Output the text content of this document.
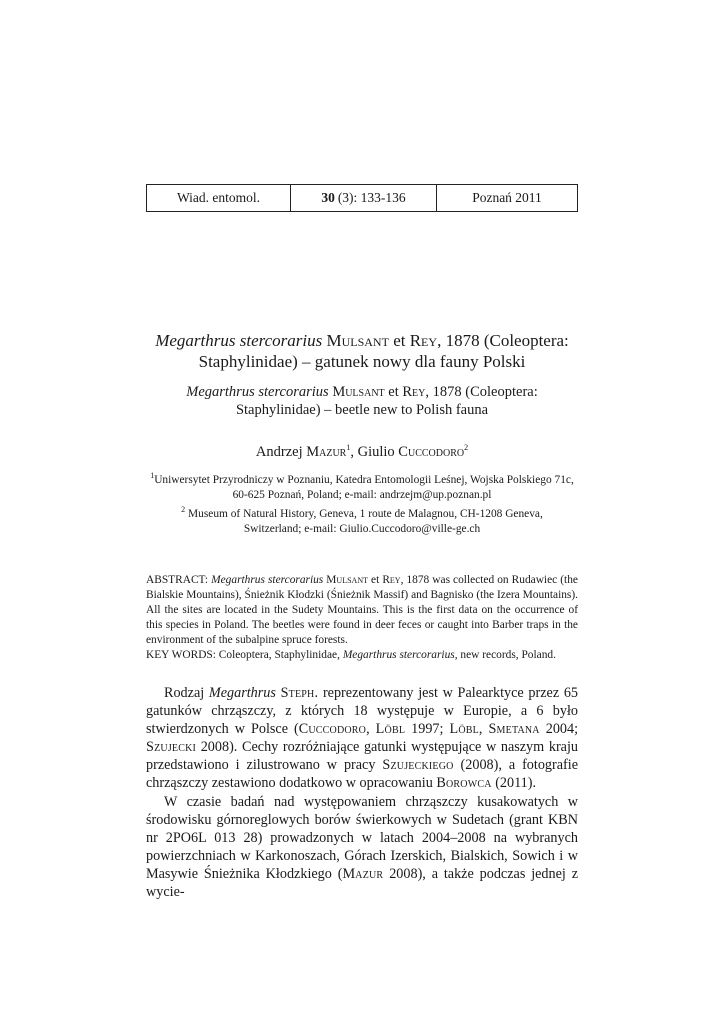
Wiad. entomol.	30 (3): 133-136	Poznań 2011
Megarthrus stercorarius Mulsant et Rey, 1878 (Coleoptera:
Staphylinidae) – gatunek nowy dla fauny Polski
Megarthrus stercorarius Mulsant et Rey, 1878 (Coleoptera:
Staphylinidae) – beetle new to Polish fauna
Andrzej Mazur$^1$, Giulio Cuccodoro$^2$
$^1$Uniwersytet Przyrodniczy w Poznaniu, Katedra Entomologii Leśnej, Wojska Polskiego 71c,
60-625 Poznań, Poland; e-mail: andrzejm@up.poznan.pl
$^2$ Museum of Natural History, Geneva, 1 route de Malagnou, CH-1208 Geneva,
Switzerland; e-mail: Giulio.Cuccodoro@ville-ge.ch
ABSTRACT: Megarthrus stercorarius Mulsant et Rey, 1878 was collected on Rudawiec (the Bialskie Mountains), Śnieżnik Kłodzki (Śnieżnik Massif) and Bagnisko (the Izera Mountains). All the sites are located in the Sudety Mountains. This is the first data on the occurrence of this species in Poland. The beetles were found in deer feces or caught into Barber traps in the environment of the subalpine spruce forests.
KEY WORDS: Coleoptera, Staphylinidae, Megarthrus stercorarius, new records, Poland.

Rodzaj Megarthrus Steph. reprezentowany jest w Palearktyce przez 65 gatunków chrząszczy, z których 18 występuje w Europie, a 6 było stwierdzonych w Polsce (Cuccodoro, Löbl 1997; Löbl, Smetana 2004; Szujecki 2008). Cechy rozróżniające gatunki występujące w naszym kraju przedstawiono i zilustrowano w pracy Szujeckiego (2008), a fotografie chrząszczy zestawiono dodatkowo w opracowaniu Borowca (2011).

W czasie badań nad występowaniem chrząszczy kusakowatych w środowisku górnoreglowych borów świerkowych w Sudetach (grant KBN nr 2PO6L 013 28) prowadzonych w latach 2004–2008 na wybranych powierzchniach w Karkonoszach, Górach Izerskich, Bialskich, Sowich i w Masywie Śnieżnika Kłodzkiego (Mazur 2008), a także podczas jednej z wycie-
